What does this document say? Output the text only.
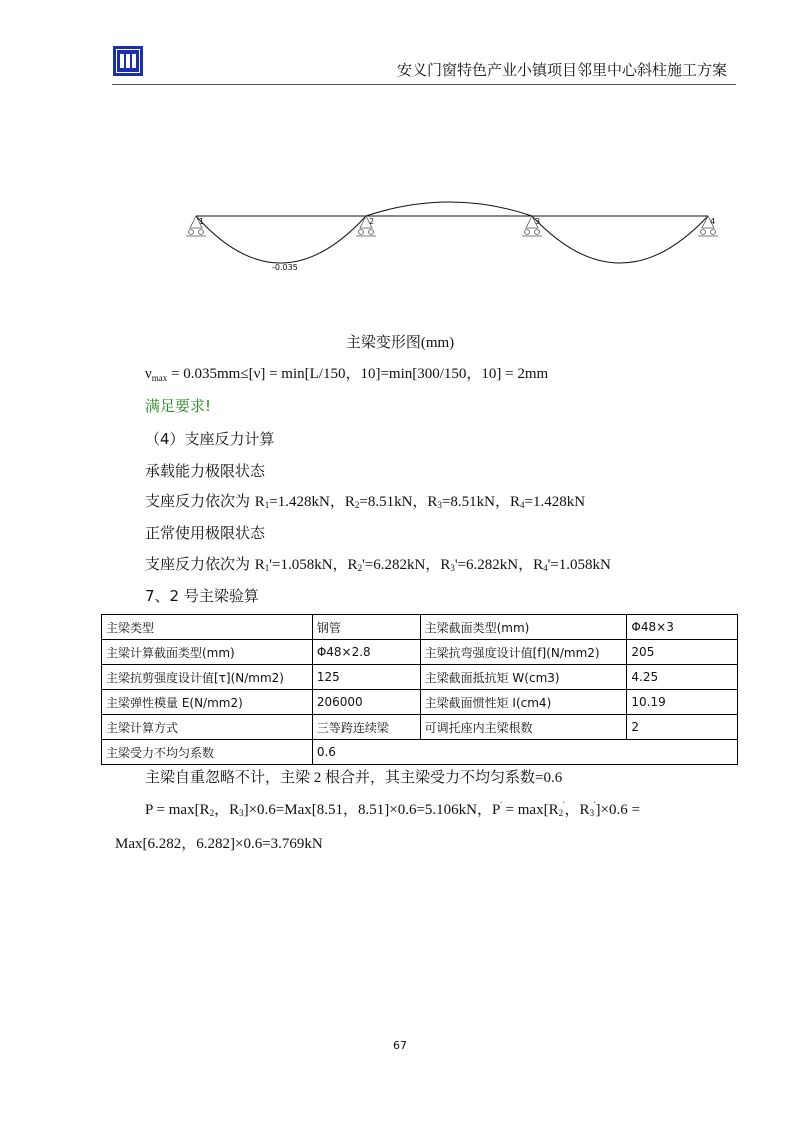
安义门窗特色产业小镇项目邻里中心斜柱施工方案
1	2	3	4
-0.035
主梁变形图(mm)
$\nu_{max} = 0.035mm\le[\nu] = \min[L/150$，10]=min[300/150，10] = 2mm
满足要求!
（4）支座反力计算
承载能力极限状态
支座反力依次为 $R_1=1.428kN$，$R_2=8.51kN$，$R_3=8.51kN$，$R_4=1.428kN$
正常使用极限状态
支座反力依次为 $R_1'=1.058kN$，$R_2'=6.282kN$，$R_3'=6.282kN$，$R_4'=1.058kN$
7、2 号主梁验算
主梁类型	钢管	主梁截面类型(mm)	Φ48×3
主梁计算截面类型(mm)	Φ48×2.8	主梁抗弯强度设计值[f](N/mm2)	205
主梁抗剪强度设计值[τ](N/mm2)	125	主梁截面抵抗矩 W(cm3)	4.25
主梁弹性模量 E(N/mm2)	206000	主梁截面惯性矩 I(cm4)	10.19
主梁计算方式	三等跨连续梁	可调托座内主梁根数	2
主梁受力不均匀系数	0.6		
主梁自重忽略不计，主梁 2 根合并，其主梁受力不均匀系数=0.6
$P = \max[R_2$，$R_3]\times 0.6=Max[8.51$，8.51]×0.6=5.106kN，$P' = \max[R_2'$，$R_3']\times 0.6$ =
Max[6.282，6.282]×0.6=3.769kN
67
